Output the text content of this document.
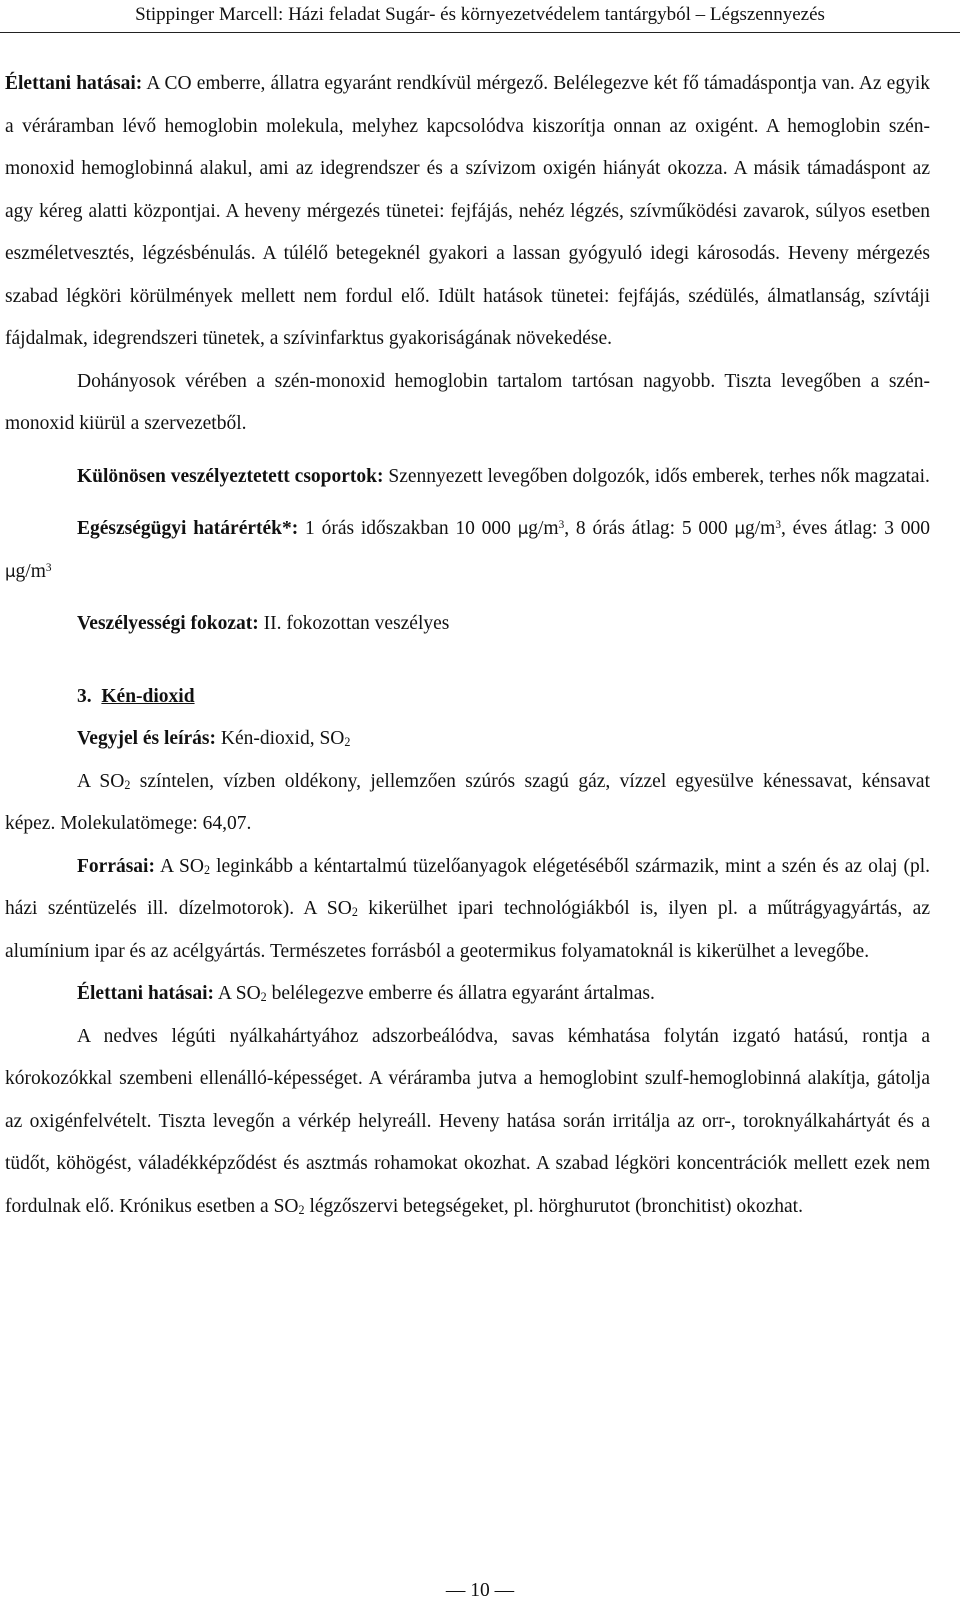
Stippinger Marcell: Házi feladat Sugár- és környezetvédelem tantárgyból – Légszennyezés

Élettani hatásai: A CO emberre, állatra egyaránt rendkívül mérgező. Belélegezve két fő támadáspontja van. Az egyik a véráramban lévő hemoglobin molekula, melyhez kapcsolódva kiszorítja onnan az oxigént. A hemoglobin szén-monoxid hemoglobinná alakul, ami az idegrendszer és a szívizom oxigén hiányát okozza. A másik támadáspont az agy kéreg alatti központjai. A heveny mérgezés tünetei: fejfájás, nehéz légzés, szívműködési zavarok, súlyos esetben eszméletvesztés, légzésbénulás. A túlélő betegeknél gyakori a lassan gyógyuló idegi károsodás. Heveny mérgezés szabad légköri körülmények mellett nem fordul elő. Idült hatások tünetei: fejfájás, szédülés, álmatlanság, szívtáji fájdalmak, idegrendszeri tünetek, a szívinfarktus gyakoriságának növekedése.

Dohányosok vérében a szén-monoxid hemoglobin tartalom tartósan nagyobb. Tiszta levegőben a szén-monoxid kiürül a szervezetből.

Különösen veszélyeztetett csoportok: Szennyezett levegőben dolgozók, idős emberek, terhes nők magzatai.

Egészségügyi határérték*: 1 órás időszakban 10 000 $\mu g/m^3$, 8 órás átlag: 5 000 $\mu g/m^3$, éves átlag: 3 000 $\mu g/m^3$

Veszélyességi fokozat: II. fokozottan veszélyes

3. Kén-dioxid

Vegyjel és leírás: Kén-dioxid, $SO_2$

A $SO_2$ színtelen, vízben oldékony, jellemzően szúrós szagú gáz, vízzel egyesülve kénessavat, kénsavat képez. Molekulatömege: 64,07.

Forrásai: A $SO_2$ leginkább a kéntartalmú tüzelőanyagok elégetéséből származik, mint a szén és az olaj (pl. házi széntüzelés ill. dízelmotorok). A $SO_2$ kikerülhet ipari technológiákból is, ilyen pl. a műtrágyagyártás, az alumínium ipar és az acélgyártás. Természetes forrásból a geotermikus folyamatoknál is kikerülhet a levegőbe.

Élettani hatásai: A $SO_2$ belélegezve emberre és állatra egyaránt ártalmas.

A nedves légúti nyálkahártyához adszorbeálódva, savas kémhatása folytán izgató hatású, rontja a kórokozókkal szembeni ellenálló-képességet. A véráramba jutva a hemoglobint szulf-hemoglobinná alakítja, gátolja az oxigénfelvételt. Tiszta levegőn a vérkép helyreáll. Heveny hatása során irritálja az orr-, toroknyálkahártyát és a tüdőt, köhögést, váladékképződést és asztmás rohamokat okozhat. A szabad légköri koncentrációk mellett ezek nem fordulnak elő. Krónikus esetben a $SO_2$ légzőszervi betegségeket, pl. hörghurutot (bronchitist) okozhat.

— 10 —
